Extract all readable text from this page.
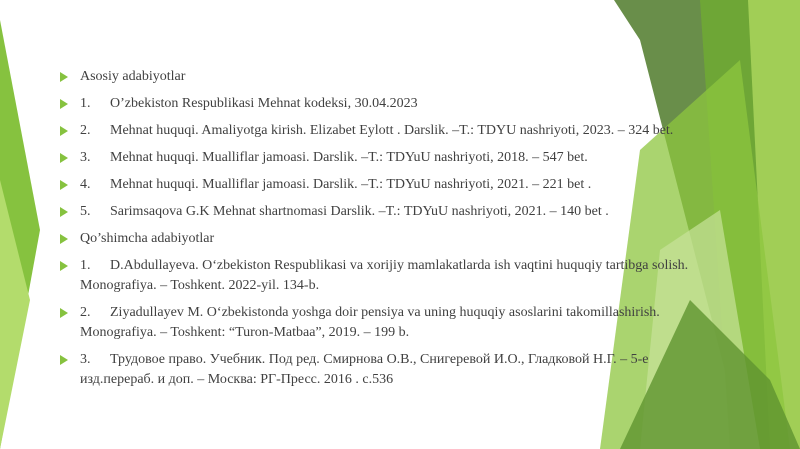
Asosiy adabiyotlar
1. O’zbekiston Respublikasi Mehnat kodeksi, 30.04.2023
2. Mehnat huquqi. Amaliyotga kirish. Elizabet Eylott . Darslik. –T.: TDYU nashriyoti, 2023. – 324 bet.
3. Mehnat huquqi. Mualliflar jamoasi. Darslik. –T.: TDYuU nashriyoti, 2018. – 547 bet.
4. Mehnat huquqi. Mualliflar jamoasi. Darslik. –T.: TDYuU nashriyoti, 2021. – 221 bet .
5. Sarimsaqova G.K Mehnat shartnomasi Darslik. –T.: TDYuU nashriyoti, 2021. – 140 bet .
Qo’shimcha adabiyotlar
1. D.Abdullayeva. O‘zbekiston Respublikasi va xorijiy mamlakatlarda ish vaqtini huquqiy tartibga solish. Monografiya. – Toshkent. 2022-yil. 134-b.
2. Ziyadullayev M. O‘zbekistonda yoshga doir pensiya va uning huquqiy asoslarini takomillashirish. Monografiya. – Toshkent: “Turon-Matbaa”, 2019. – 199 b.
3. Трудовое право. Учебник. Под ред. Смирнова О.В., Снигеревой И.О., Гладковой Н.Г. – 5-е изд.перераб. и доп. – Москва: РГ-Пресс. 2016 . с.536
